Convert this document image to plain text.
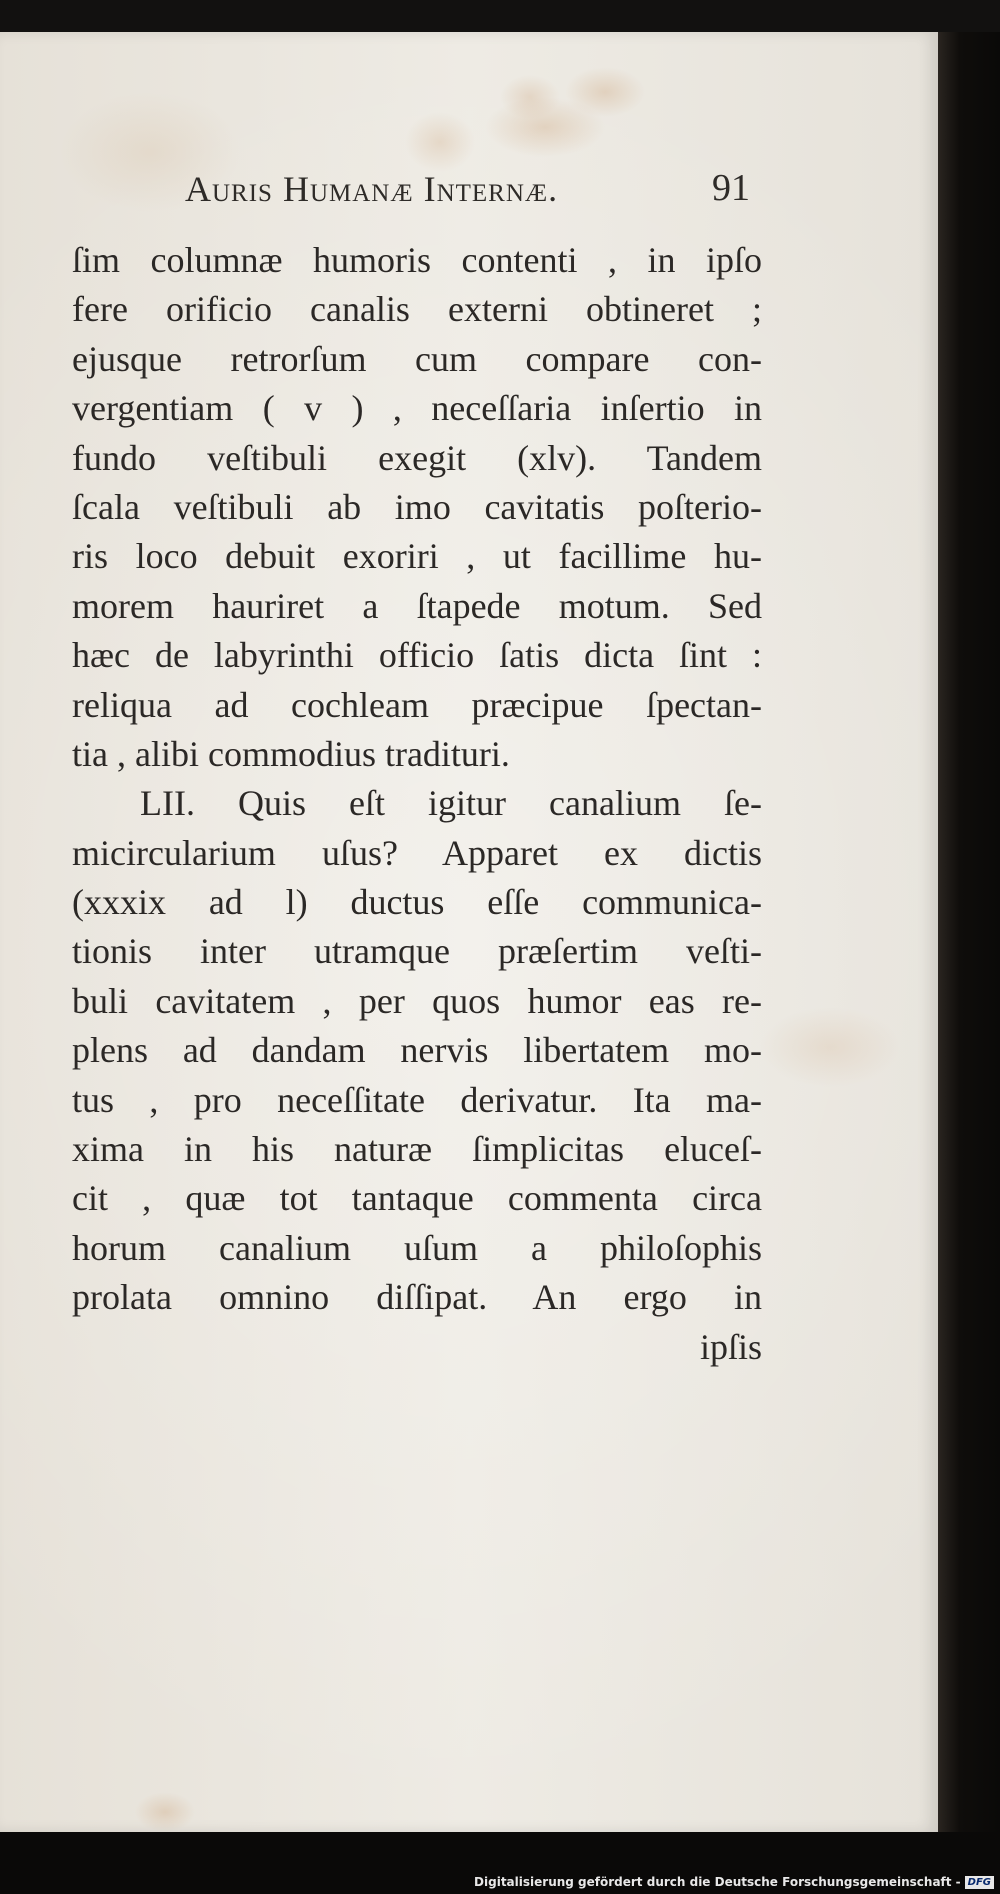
Auris Humanæ Internæ.	91
ſim columnæ humoris contenti , in ipſo
fere orificio canalis externi obtineret ;
ejusque retrorſum cum compare con-
vergentiam ( v ) , neceſſaria inſertio in
fundo veſtibuli exegit (xlv). Tandem
ſcala veſtibuli ab imo cavitatis poſterio-
ris loco debuit exoriri , ut facillime hu-
morem hauriret a ſtapede motum. Sed
hæc de labyrinthi officio ſatis dicta ſint :
reliqua ad cochleam præcipue ſpectan-
tia , alibi commodius tradituri.
LII. Quis eſt igitur canalium ſe-
micircularium uſus? Apparet ex dictis
(xxxix ad l) ductus eſſe communica-
tionis inter utramque præſertim veſti-
buli cavitatem , per quos humor eas re-
plens ad dandam nervis libertatem mo-
tus , pro neceſſitate derivatur. Ita ma-
xima in his naturæ ſimplicitas eluceſ-
cit , quæ tot tantaque commenta circa
horum canalium uſum a philoſophis
prolata omnino diſſipat. An ergo in
ipſis
Digitalisierung gefördert durch die Deutsche Forschungsgemeinschaft - DFG
